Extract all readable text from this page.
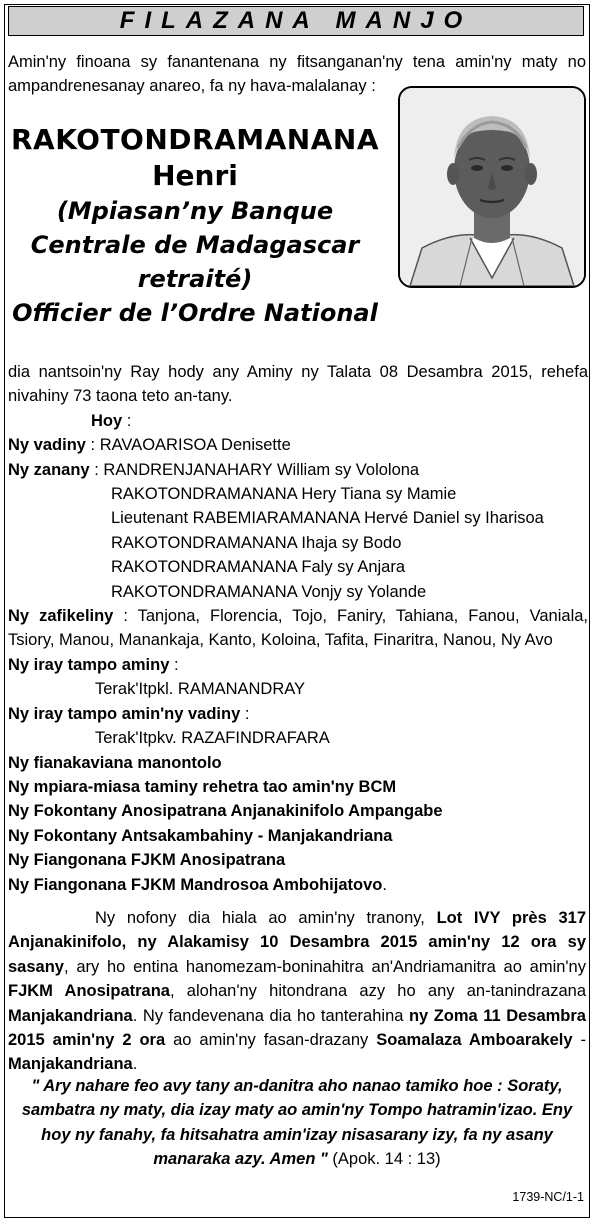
FILAZANA MANJO

Amin'ny finoana sy fanantenana ny fitsanganan'ny tena amin'ny maty no ampandrenesanay anareo, fa ny hava-malalanay :

RAKOTONDRAMANANA
Henri
(Mpiasan’ny Banque
Centrale de Madagascar
retraité)
Officier de l’Ordre National
dia nantsoin'ny Ray hody any Aminy ny Talata 08 Desambra 2015, rehefa nivahiny 73 taona teto an-tany.
Hoy :
Ny vadiny : RAVAOARISOA Denisette
Ny zanany : RANDRENJANAHARY William sy Vololona
RAKOTONDRAMANANA Hery Tiana sy Mamie
Lieutenant RABEMIARAMANANA Hervé Daniel sy Iharisoa
RAKOTONDRAMANANA Ihaja sy Bodo
RAKOTONDRAMANANA Faly sy Anjara
RAKOTONDRAMANANA Vonjy sy Yolande
Ny zafikeliny : Tanjona, Florencia, Tojo, Faniry, Tahiana, Fanou, Vaniala, Tsiory, Manou, Manankaja, Kanto, Koloina, Tafita, Finaritra, Nanou, Ny Avo
Ny iray tampo aminy :
Terak'Itpkl. RAMANANDRAY
Ny iray tampo amin'ny vadiny :
Terak'Itpkv. RAZAFINDRAFARA
Ny fianakaviana manontolo
Ny mpiara-miasa taminy rehetra tao amin'ny BCM
Ny Fokontany Anosipatrana Anjanakinifolo Ampangabe
Ny Fokontany Antsakambahiny - Manjakandriana
Ny Fiangonana FJKM Anosipatrana
Ny Fiangonana FJKM Mandrosoa Ambohijatovo.
Ny nofony dia hiala ao amin'ny tranony, Lot IVY près 317 Anjanakinifolo, ny Alakamisy 10 Desambra 2015 amin'ny 12 ora sy sasany, ary ho entina hanomezam-boninahitra an'Andriamanitra ao amin'ny FJKM Anosipatrana, alohan'ny hitondrana azy ho any an-tanindrazana Manjakandriana. Ny fandevenana dia ho tanterahina ny Zoma 11 Desambra 2015 amin'ny 2 ora ao amin'ny fasan-drazany Soamalaza Amboarakely - Manjakandriana.
" Ary nahare feo avy tany an-danitra aho nanao tamiko hoe : Soraty, sambatra ny maty, dia izay maty ao amin'ny Tompo hatramin'izao. Eny hoy ny fanahy, fa hitsahatra amin'izay nisasarany izy, fa ny asany manaraka azy. Amen " (Apok. 14 : 13)
1739-NC/1-1
